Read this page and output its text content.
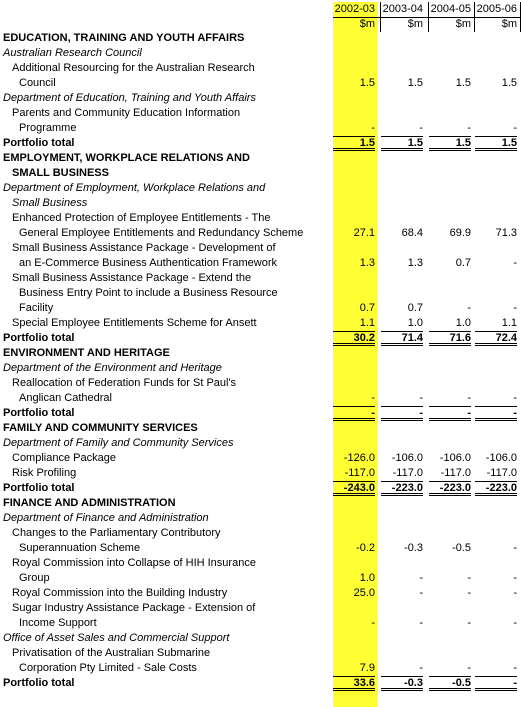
2002-03 2003-04 2004-05 2005-06
$m	$m	$m	$m
EDUCATION, TRAINING AND YOUTH AFFAIRS
Australian Research Council
Additional Resourcing for the Australian Research
Council	1.5	1.5	1.5	1.5
Department of Education, Training and Youth Affairs
Parents and Community Education Information
Programme	-	-	-	-
Portfolio total	1.5	1.5	1.5	1.5
EMPLOYMENT, WORKPLACE RELATIONS AND
SMALL BUSINESS
Department of Employment, Workplace Relations and
Small Business
Enhanced Protection of Employee Entitlements - The
General Employee Entitlements and Redundancy Scheme	27.1	68.4	69.9	71.3
Small Business Assistance Package - Development of
an E-Commerce Business Authentication Framework	1.3	1.3	0.7	-
Small Business Assistance Package - Extend the
Business Entry Point to include a Business Resource
Facility	0.7	0.7	-	-
Special Employee Entitlements Scheme for Ansett	1.1	1.0	1.0	1.1
Portfolio total	30.2	71.4	71.6	72.4
ENVIRONMENT AND HERITAGE
Department of the Environment and Heritage
Reallocation of Federation Funds for St Paul's
Anglican Cathedral	-	-	-	-
Portfolio total	-	-	-	-
FAMILY AND COMMUNITY SERVICES
Department of Family and Community Services
Compliance Package	-126.0	-106.0	-106.0	-106.0
Risk Profiling	-117.0	-117.0	-117.0	-117.0
Portfolio total	-243.0	-223.0	-223.0	-223.0
FINANCE AND ADMINISTRATION
Department of Finance and Administration
Changes to the Parliamentary Contributory
Superannuation Scheme	-0.2	-0.3	-0.5	-
Royal Commission into Collapse of HIH Insurance
Group	1.0	-	-	-
Royal Commission into the Building Industry	25.0	-	-	-
Sugar Industry Assistance Package - Extension of
Income Support	-	-	-	-
Office of Asset Sales and Commercial Support
Privatisation of the Australian Submarine
Corporation Pty Limited - Sale Costs	7.9	-	-	-
Portfolio total	33.6	-0.3	-0.5	-
